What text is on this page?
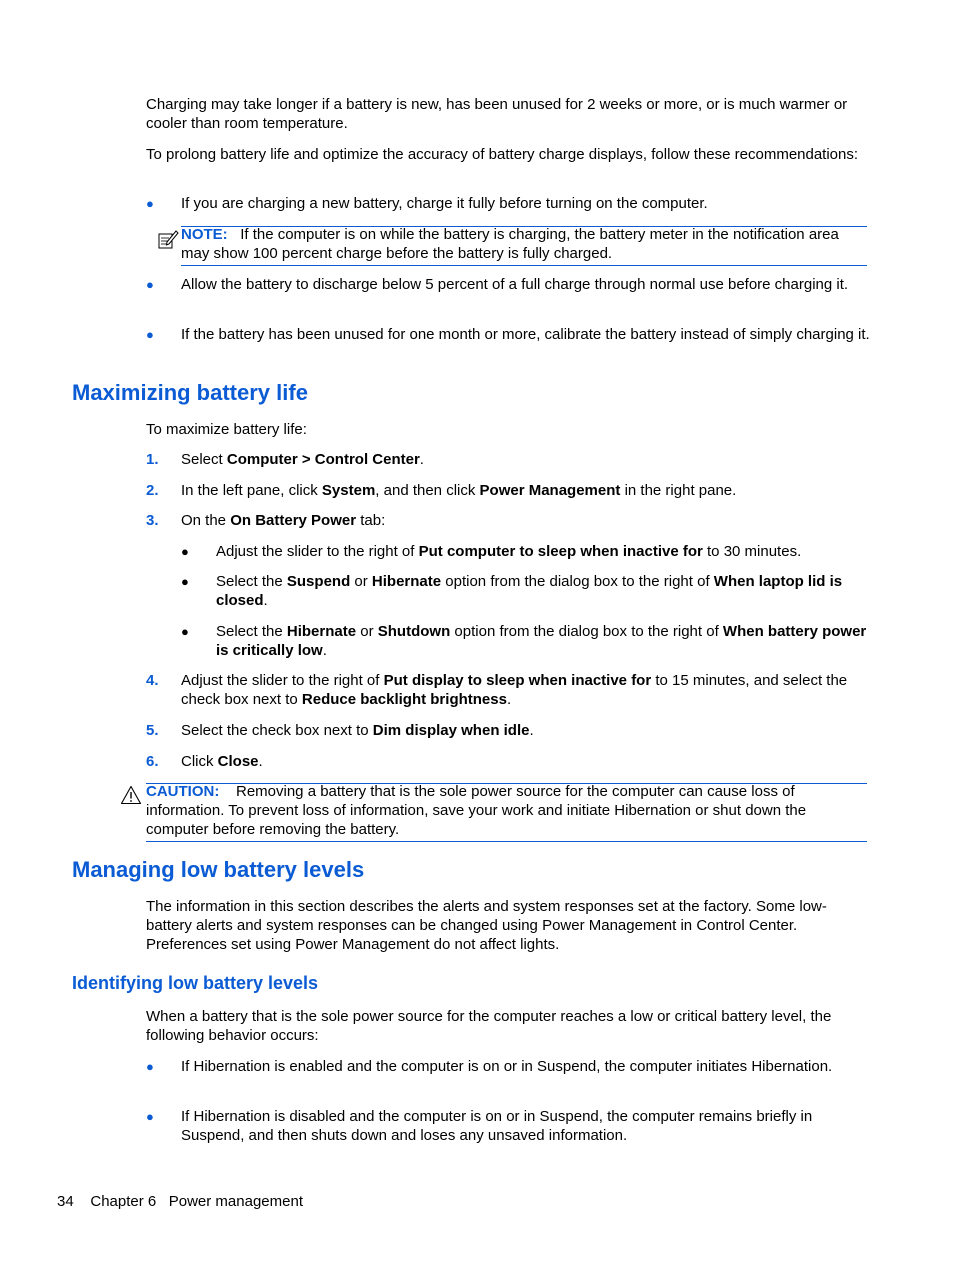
Charging may take longer if a battery is new, has been unused for 2 weeks or more, or is much warmer or cooler than room temperature.
To prolong battery life and optimize the accuracy of battery charge displays, follow these recommendations:
● If you are charging a new battery, charge it fully before turning on the computer.
NOTE: If the computer is on while the battery is charging, the battery meter in the notification area may show 100 percent charge before the battery is fully charged.
● Allow the battery to discharge below 5 percent of a full charge through normal use before charging it.
● If the battery has been unused for one month or more, calibrate the battery instead of simply charging it.
Maximizing battery life
To maximize battery life:
1. Select Computer > Control Center.
2. In the left pane, click System, and then click Power Management in the right pane.
3. On the On Battery Power tab:
● Adjust the slider to the right of Put computer to sleep when inactive for to 30 minutes.
● Select the Suspend or Hibernate option from the dialog box to the right of When laptop lid is closed.
● Select the Hibernate or Shutdown option from the dialog box to the right of When battery power is critically low.
4. Adjust the slider to the right of Put display to sleep when inactive for to 15 minutes, and select the check box next to Reduce backlight brightness.
5. Select the check box next to Dim display when idle.
6. Click Close.
CAUTION: Removing a battery that is the sole power source for the computer can cause loss of information. To prevent loss of information, save your work and initiate Hibernation or shut down the computer before removing the battery.
Managing low battery levels
The information in this section describes the alerts and system responses set at the factory. Some low-battery alerts and system responses can be changed using Power Management in Control Center. Preferences set using Power Management do not affect lights.
Identifying low battery levels
When a battery that is the sole power source for the computer reaches a low or critical battery level, the following behavior occurs:
● If Hibernation is enabled and the computer is on or in Suspend, the computer initiates Hibernation.
● If Hibernation is disabled and the computer is on or in Suspend, the computer remains briefly in Suspend, and then shuts down and loses any unsaved information.
34 Chapter 6 Power management
